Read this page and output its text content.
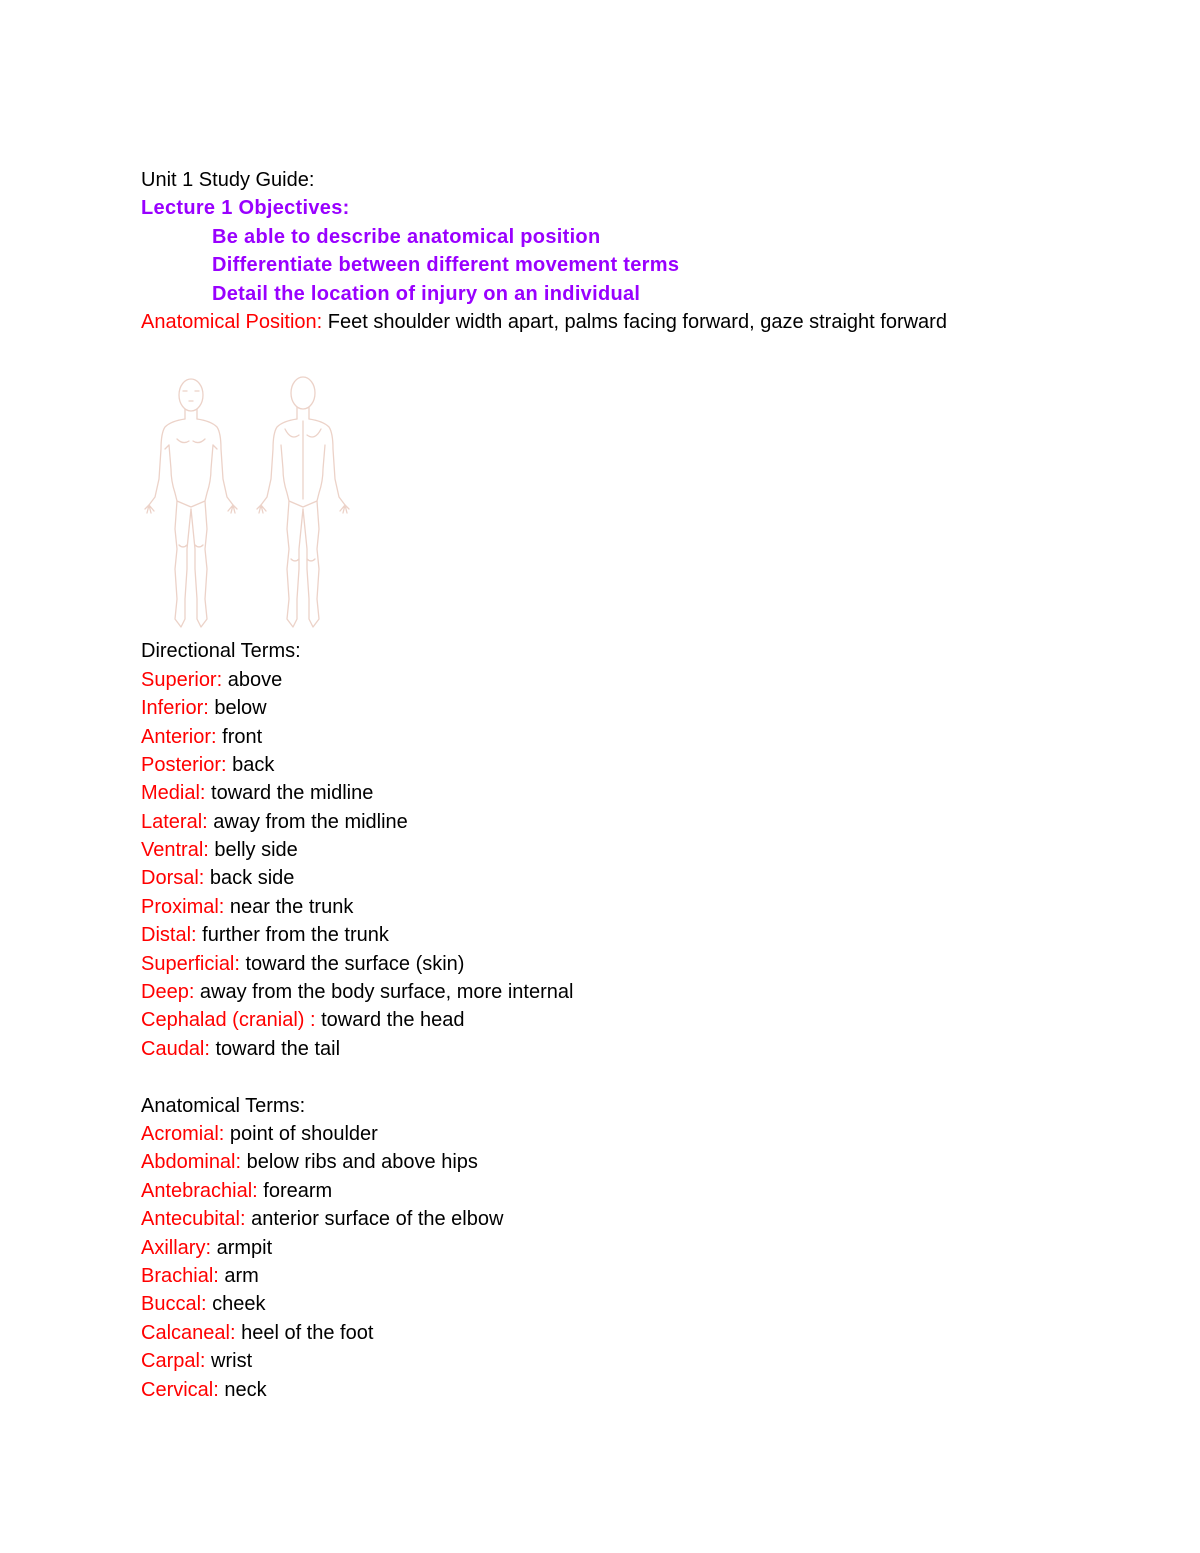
Unit 1 Study Guide:
Lecture 1 Objectives:
Be able to describe anatomical position
Differentiate between different movement terms
Detail the location of injury on an individual
Anatomical Position: Feet shoulder width apart, palms facing forward, gaze straight forward
Directional Terms:
Superior: above
Inferior: below
Anterior: front
Posterior: back
Medial: toward the midline
Lateral: away from the midline
Ventral: belly side
Dorsal: back side
Proximal: near the trunk
Distal: further from the trunk
Superficial: toward the surface (skin)
Deep: away from the body surface, more internal
Cephalad (cranial) : toward the head
Caudal: toward the tail
Anatomical Terms:
Acromial: point of shoulder
Abdominal: below ribs and above hips
Antebrachial: forearm
Antecubital: anterior surface of the elbow
Axillary: armpit
Brachial: arm
Buccal: cheek
Calcaneal: heel of the foot
Carpal: wrist
Cervical: neck
